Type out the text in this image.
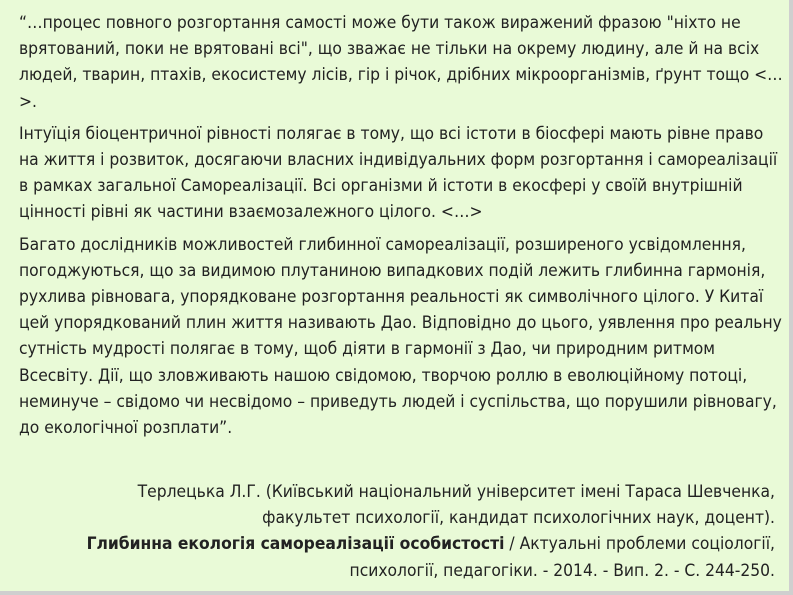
“…процес повного розгортання самості може бути також виражений фразою "ніхто не врятований, поки не врятовані всі", що зважає не тільки на окрему людину, але й на всіх людей, тварин, птахів, екосистему лісів, гір і річок, дрібних мікроорганізмів, ґрунт тощо <…>.

Інтуїція біоцентричної рівності полягає в тому, що всі істоти в біосфері мають рівне право на життя і розвиток, досягаючи власних індивідуальних форм розгортання і самореалізації в рамках загальної Самореалізації. Всі організми й істоти в екосфері у своїй внутрішній цінності рівні як частини взаємозалежного цілого. <…>

Багато дослідників можливостей глибинної самореалізації, розширеного усвідомлення, погоджуються, що за видимою плутаниною випадкових подій лежить глибинна гармонія, рухлива рівновага, упорядковане розгортання реальності як символічного цілого. У Китаї цей упорядкований плин життя називають Дао. Відповідно до цього, уявлення про реальну сутність мудрості полягає в тому, щоб діяти в гармонії з Дао, чи природним ритмом Всесвіту. Дії, що зловживають нашою свідомою, творчою роллю в еволюційному потоці, неминуче – свідомо чи несвідомо – приведуть людей і суспільства, що порушили рівновагу, до екологічної розплати”.

Терлецька Л.Г. (Київський національний університет імені Тараса Шевченка,
факультет психології, кандидат психологічних наук, доцент).
Глибинна екологія самореалізації особистості / Актуальні проблеми соціології,
психології, педагогіки. - 2014. - Вип. 2. - С. 244-250.
